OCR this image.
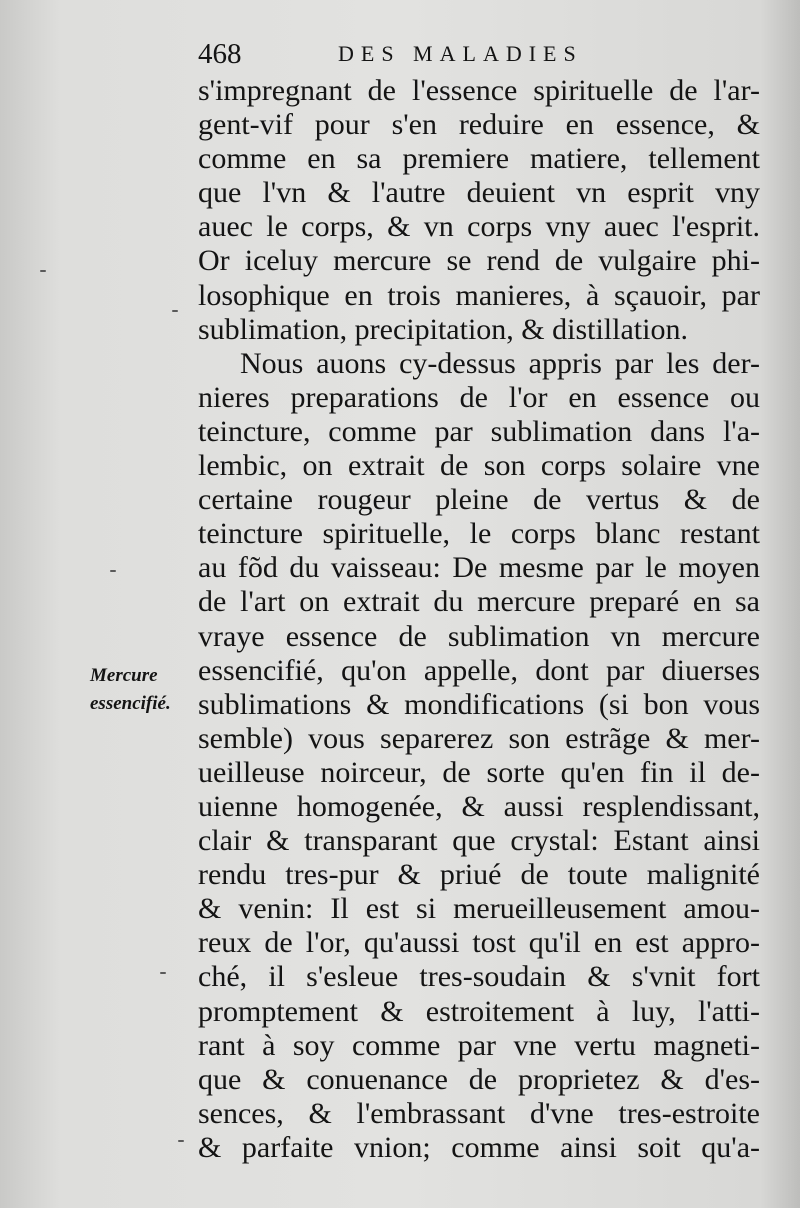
468	DES MALADIES
Mercure
essencifié.
s'impregnant de l'essence spirituelle de l'ar-
gent-vif pour s'en reduire en essence, &
comme en sa premiere matiere, tellement
que l'vn & l'autre deuient vn esprit vny
auec le corps, & vn corps vny auec l'esprit.
Or iceluy mercure se rend de vulgaire phi-
losophique en trois manieres, à sçauoir, par
sublimation, precipitation, & distillation.
Nous auons cy-dessus appris par les der-
nieres preparations de l'or en essence ou
teincture, comme par sublimation dans l'a-
lembic, on extrait de son corps solaire vne
certaine rougeur pleine de vertus & de
teincture spirituelle, le corps blanc restant
au fõd du vaisseau: De mesme par le moyen
de l'art on extrait du mercure preparé en sa
vraye essence de sublimation vn mercure
essencifié, qu'on appelle, dont par diuerses
sublimations & mondifications (si bon vous
semble) vous separerez son estrãge & mer-
ueilleuse noirceur, de sorte qu'en fin il de-
uienne homogenée, & aussi resplendissant,
clair & transparant que crystal: Estant ainsi
rendu tres-pur & priué de toute malignité
& venin: Il est si merueilleusement amou-
reux de l'or, qu'aussi tost qu'il en est appro-
ché, il s'esleue tres-soudain & s'vnit fort
promptement & estroitement à luy, l'atti-
rant à soy comme par vne vertu magneti-
que & conuenance de proprietez & d'es-
sences, & l'embrassant d'vne tres-estroite
& parfaite vnion; comme ainsi soit qu'a-
